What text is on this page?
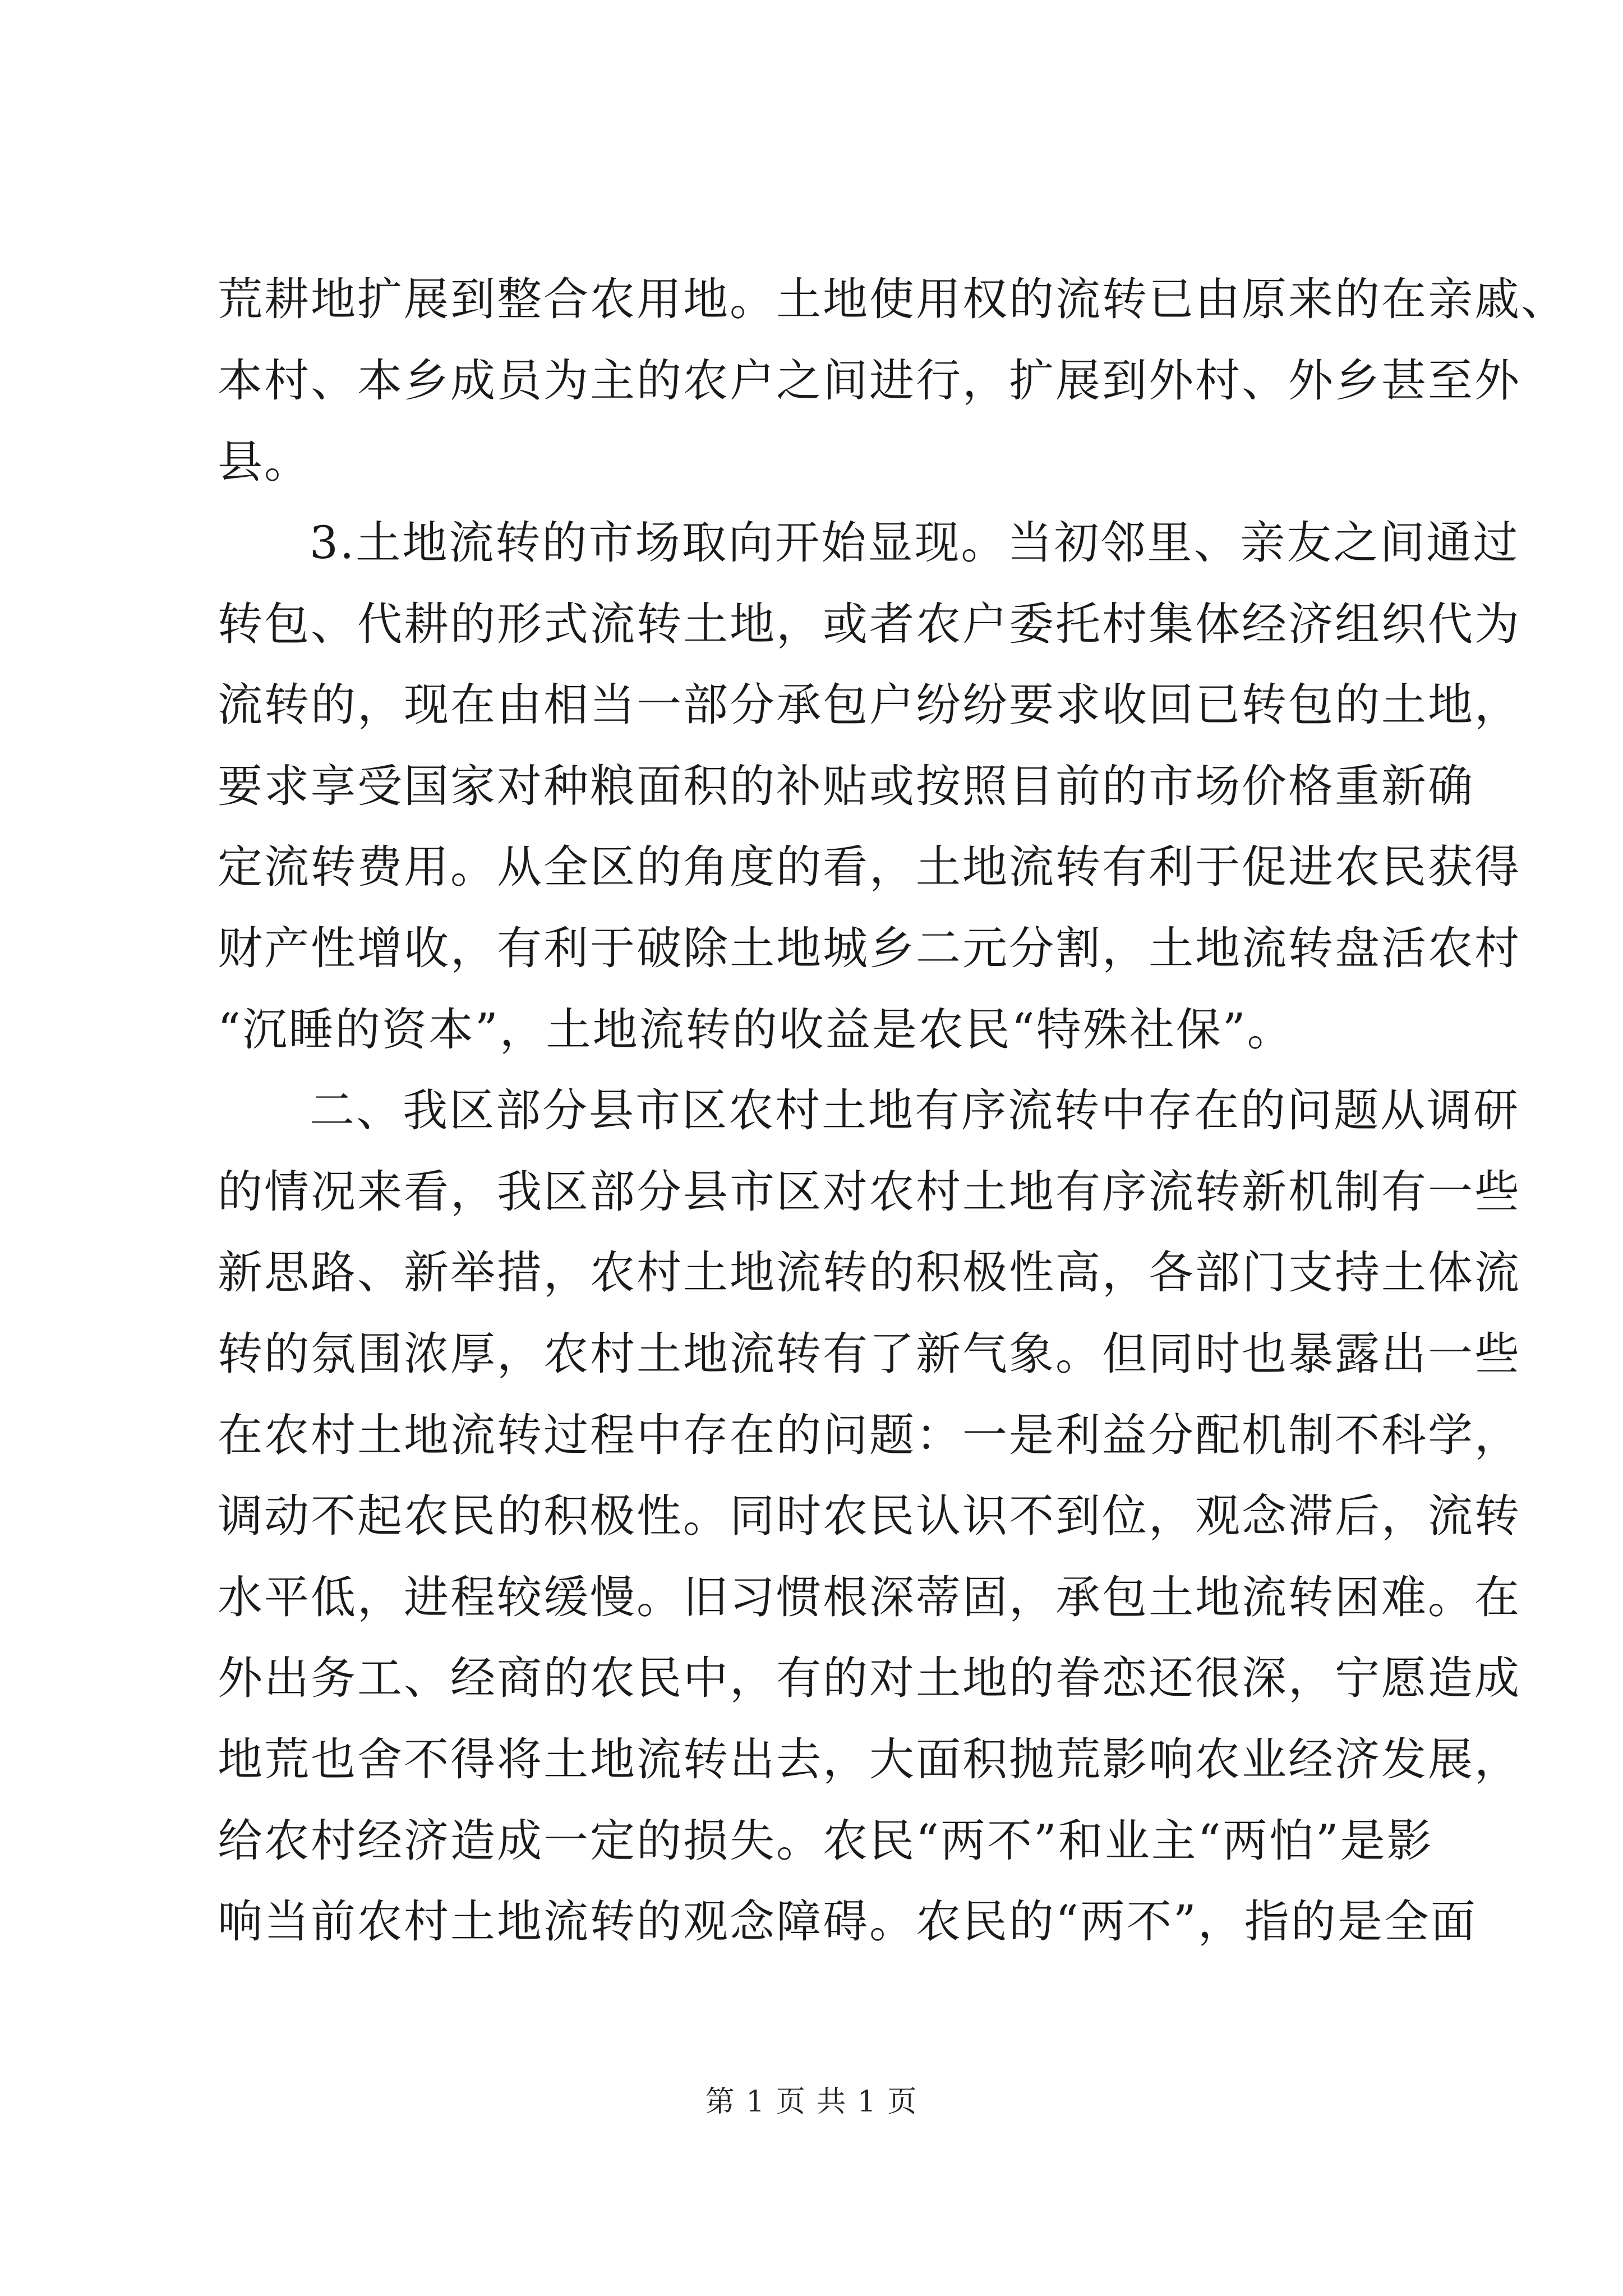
荒耕地扩展到整合农用地。土地使用权的流转已由原来的在亲戚、
本村、本乡成员为主的农户之间进行，扩展到外村、外乡甚至外
县。
3.土地流转的市场取向开始显现。当初邻里、亲友之间通过
转包、代耕的形式流转土地，或者农户委托村集体经济组织代为
流转的，现在由相当一部分承包户纷纷要求收回已转包的土地，
要求享受国家对种粮面积的补贴或按照目前的市场价格重新确
定流转费用。从全区的角度的看，土地流转有利于促进农民获得
财产性增收，有利于破除土地城乡二元分割，土地流转盘活农村
“沉睡的资本”，土地流转的收益是农民“特殊社保”。
二、我区部分县市区农村土地有序流转中存在的问题从调研
的情况来看，我区部分县市区对农村土地有序流转新机制有一些
新思路、新举措，农村土地流转的积极性高，各部门支持土体流
转的氛围浓厚，农村土地流转有了新气象。但同时也暴露出一些
在农村土地流转过程中存在的问题：一是利益分配机制不科学，
调动不起农民的积极性。同时农民认识不到位，观念滞后，流转
水平低，进程较缓慢。旧习惯根深蒂固，承包土地流转困难。在
外出务工、经商的农民中，有的对土地的眷恋还很深，宁愿造成
地荒也舍不得将土地流转出去，大面积抛荒影响农业经济发展，
给农村经济造成一定的损失。农民“两不”和业主“两怕”是影
响当前农村土地流转的观念障碍。农民的“两不”，指的是全面
第 1 页 共 1 页
